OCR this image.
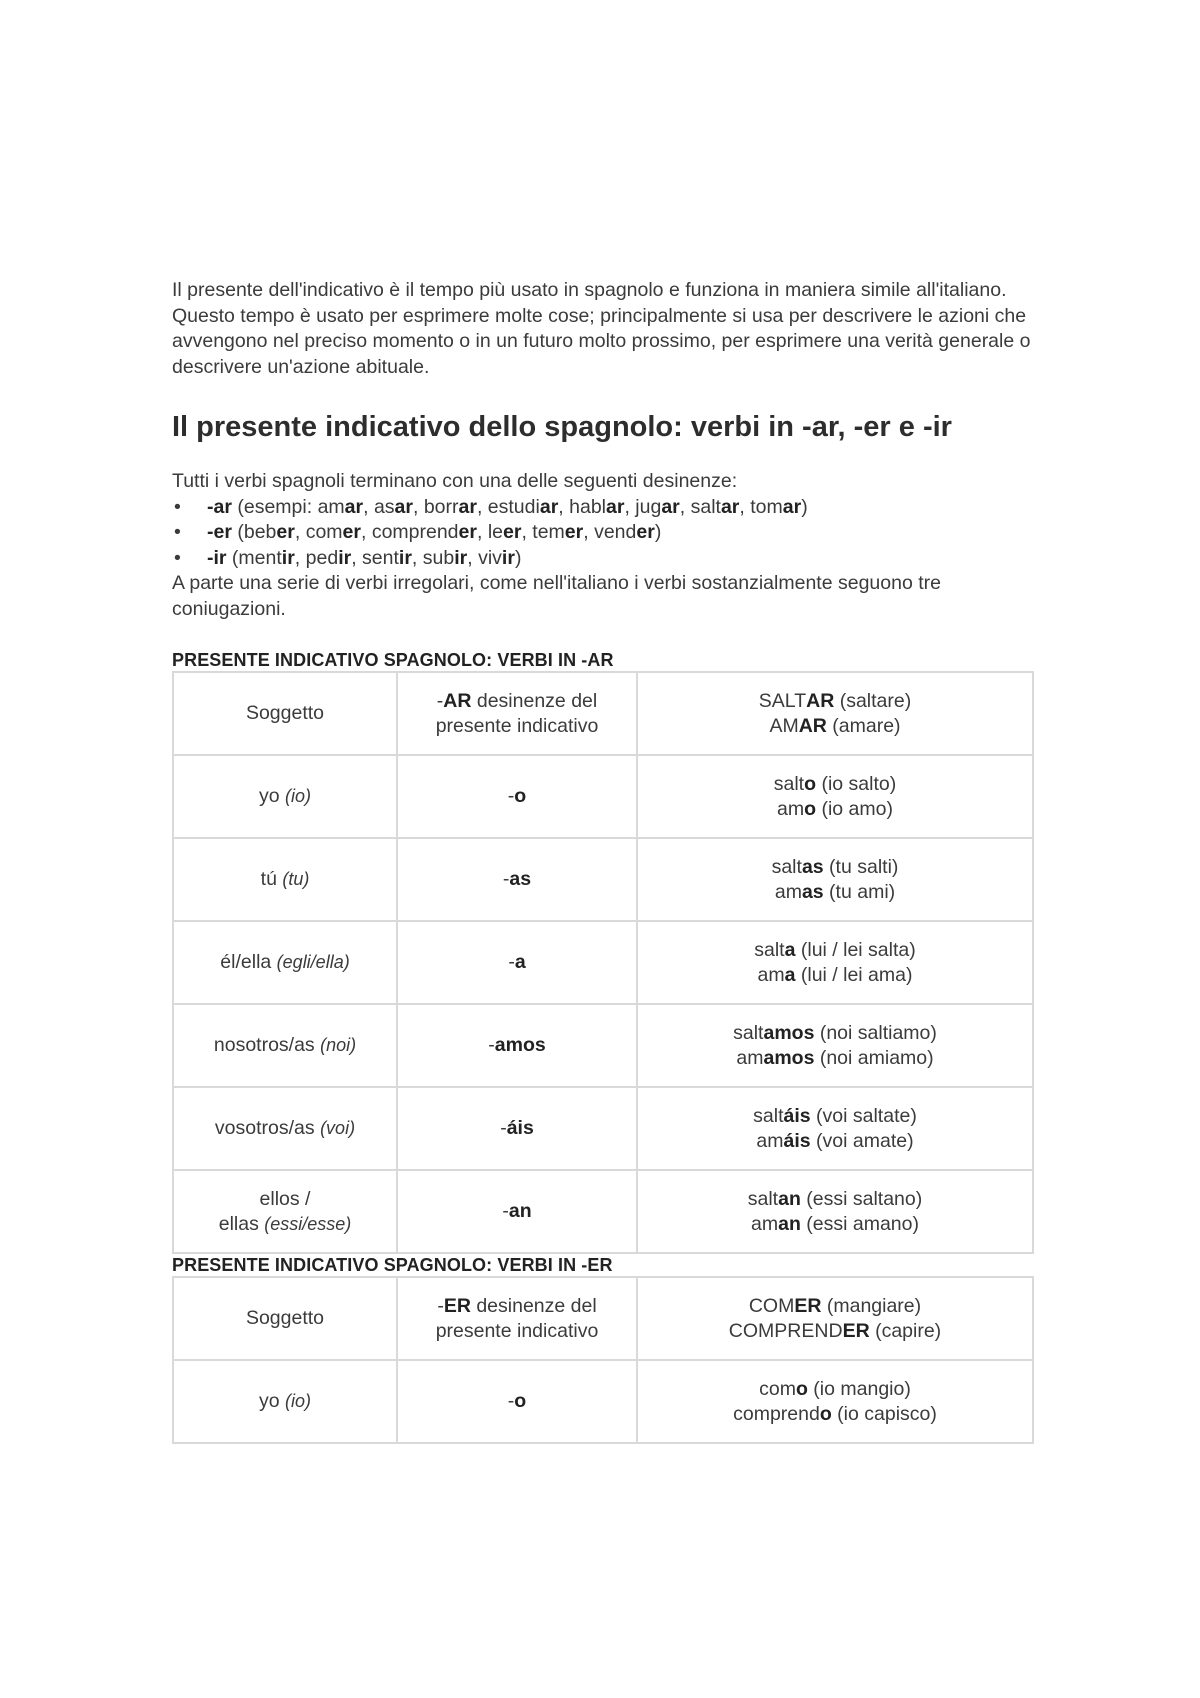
Il presente dell'indicativo è il tempo più usato in spagnolo e funziona in maniera simile all'italiano. Questo tempo è usato per esprimere molte cose; principalmente si usa per descrivere le azioni che avvengono nel preciso momento o in un futuro molto prossimo, per esprimere una verità generale o descrivere un'azione abituale.

Il presente indicativo dello spagnolo: verbi in -ar, -er e -ir

Tutti i verbi spagnoli terminano con una delle seguenti desinenze:

• -ar (esempi: amar, asar, borrar, estudiar, hablar, jugar, saltar, tomar)
• -er (beber, comer, comprender, leer, temer, vender)
• -ir (mentir, pedir, sentir, subir, vivir)

A parte una serie di verbi irregolari, come nell'italiano i verbi sostanzialmente seguono tre coniugazioni.

PRESENTE INDICATIVO SPAGNOLO: VERBI IN -AR

Soggetto	-AR desinenze del presente indicativo	SALTAR (saltare)
AMAR (amare)

yo (io)	-o	salto (io salto)
amo (io amo)

tú (tu)	-as	saltas (tu salti)
amas (tu ami)

él/ella (egli/ella)	-a	salta (lui / lei salta)
ama (lui / lei ama)

nosotros/as (noi)	-amos	saltamos (noi saltiamo)
amamos (noi amiamo)

vosotros/as (voi)	-áis	saltáis (voi saltate)
amáis (voi amate)

ellos /
ellas (essi/esse)	-an	saltan (essi saltano)
aman (essi amano)

PRESENTE INDICATIVO SPAGNOLO: VERBI IN -ER

Soggetto	-ER desinenze del presente indicativo	COMER (mangiare)
COMPRENDER (capire)

yo (io)	-o	como (io mangio)
comprendo (io capisco)
